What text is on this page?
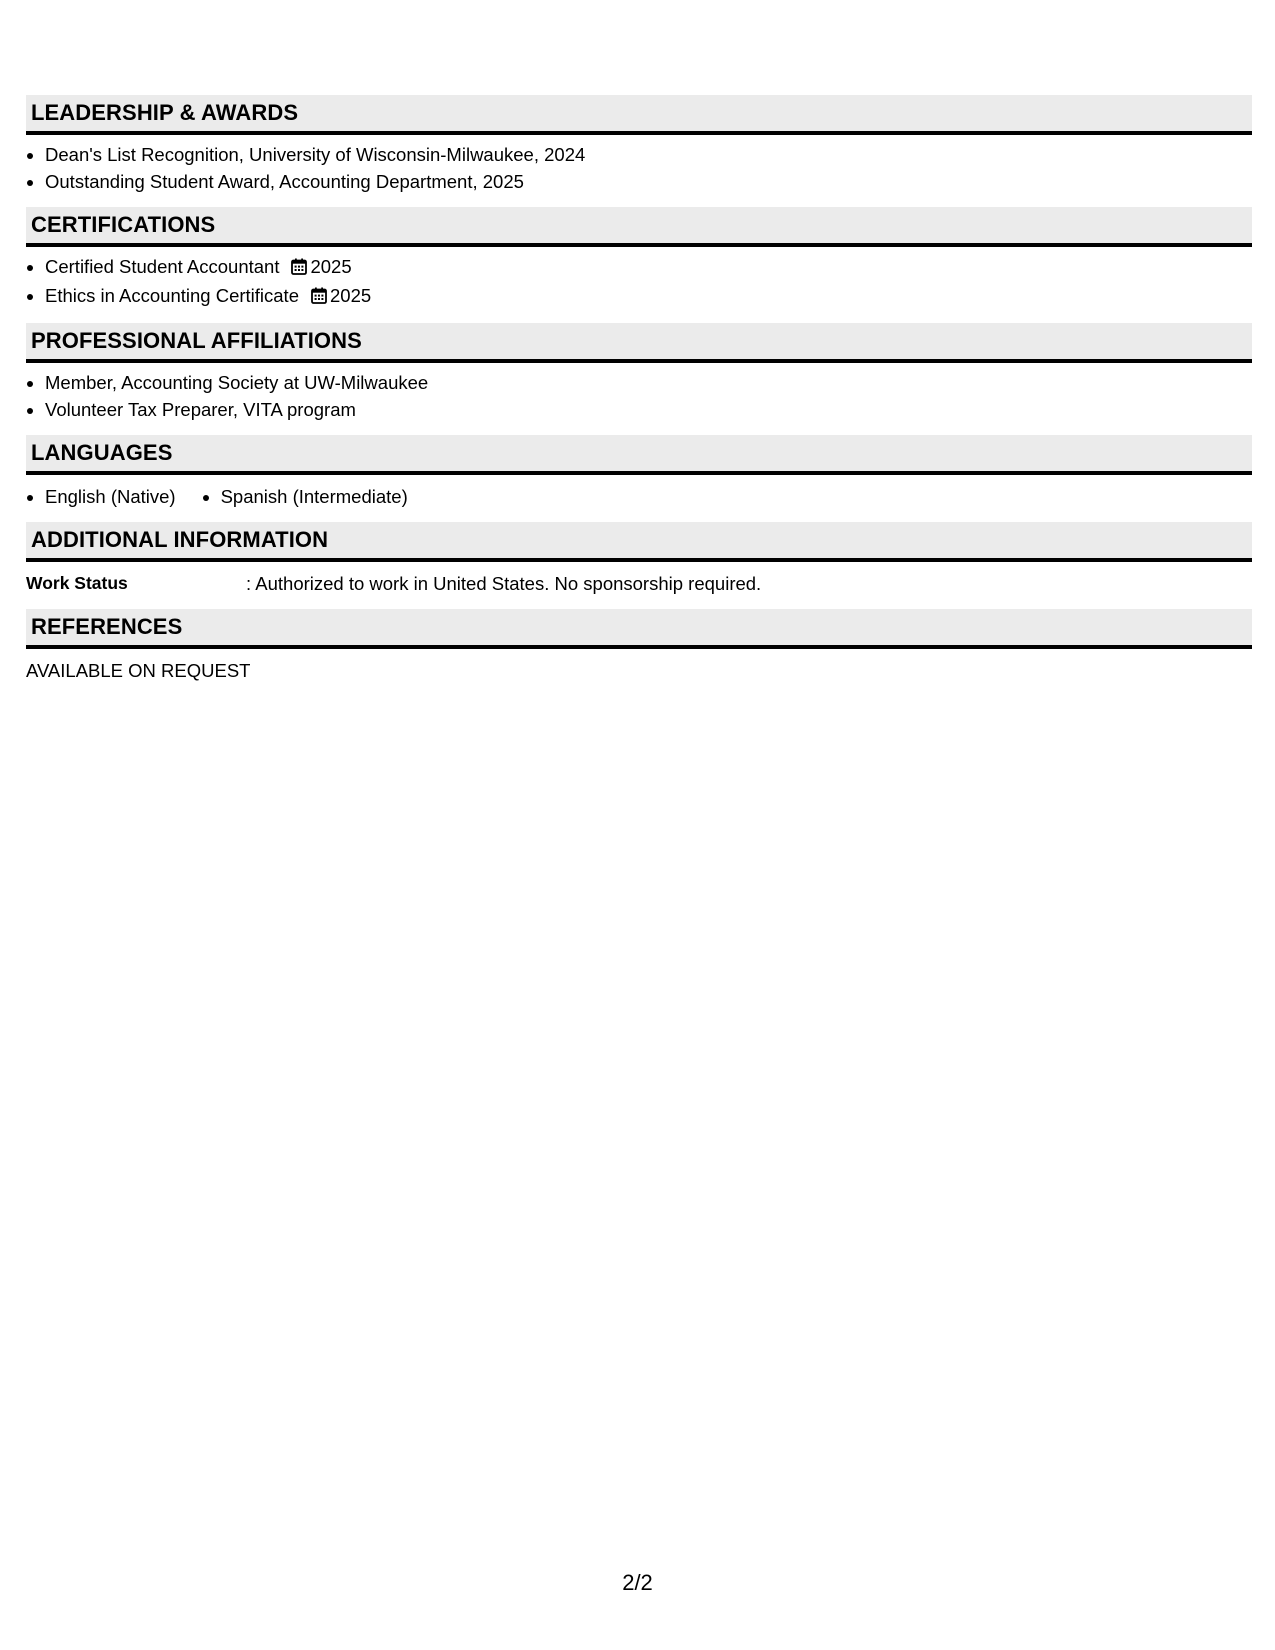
LEADERSHIP & AWARDS
• Dean's List Recognition, University of Wisconsin-Milwaukee, 2024
• Outstanding Student Award, Accounting Department, 2025
CERTIFICATIONS
• Certified Student Accountant 2025
• Ethics in Accounting Certificate 2025
PROFESSIONAL AFFILIATIONS
• Member, Accounting Society at UW-Milwaukee
• Volunteer Tax Preparer, VITA program
LANGUAGES
• English (Native)
• Spanish (Intermediate)
ADDITIONAL INFORMATION
Work Status	: Authorized to work in United States. No sponsorship required.
REFERENCES
AVAILABLE ON REQUEST
2/2
